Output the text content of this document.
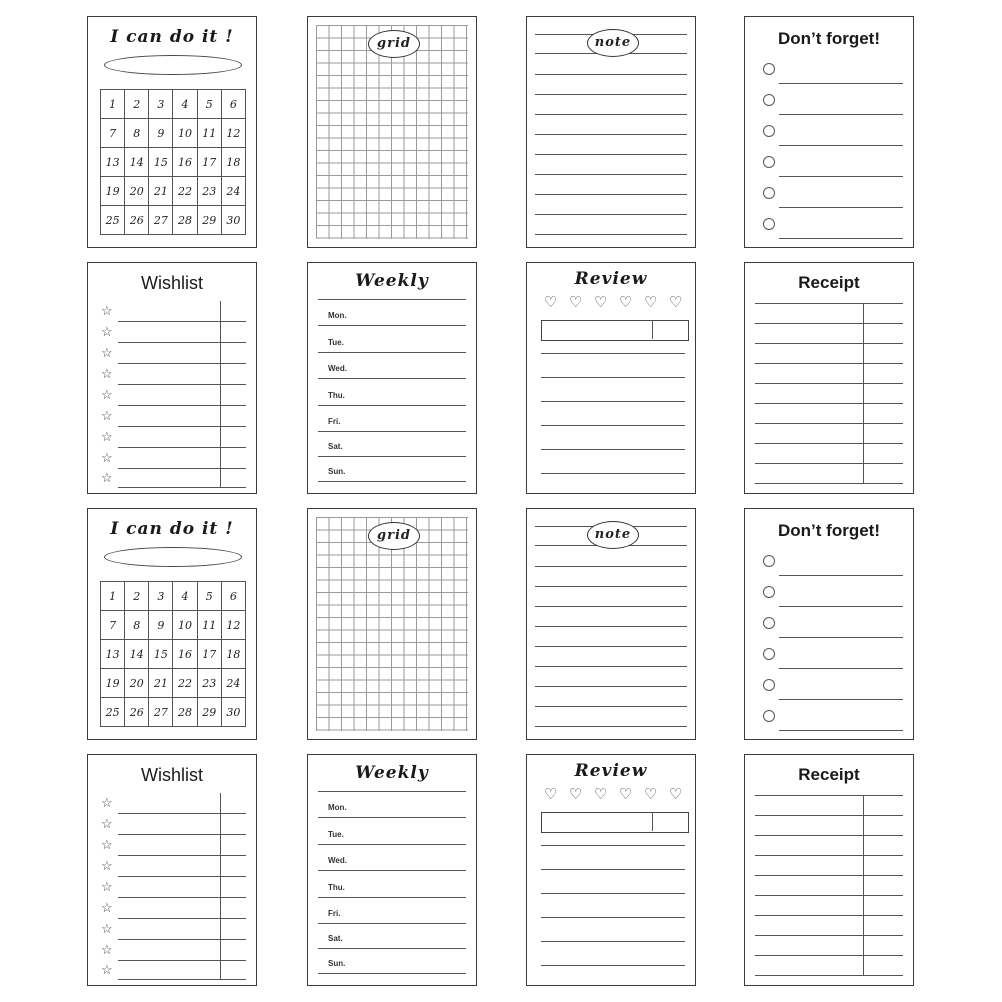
I can do it !
1	2	3	4	5	6
7	8	9	10	11	12
13	14	15	16	17	18
19	20	21	22	23	24
25	26	27	28	29	30
grid	note	Don’t forget!
Wishlist
☆
☆
☆
☆
☆
☆
☆
☆
☆
Weekly
Mon.
Tue.
Wed.
Thu.
Fri.
Sat.
Sun.
Review
♡ ♡ ♡ ♡ ♡ ♡
Receipt
I can do it !
1	2	3	4	5	6
7	8	9	10	11	12
13	14	15	16	17	18
19	20	21	22	23	24
25	26	27	28	29	30
grid	note	Don’t forget!
Wishlist
☆
☆
☆
☆
☆
☆
☆
☆
☆
Weekly
Mon.
Tue.
Wed.
Thu.
Fri.
Sat.
Sun.
Review
♡ ♡ ♡ ♡ ♡ ♡
Receipt
